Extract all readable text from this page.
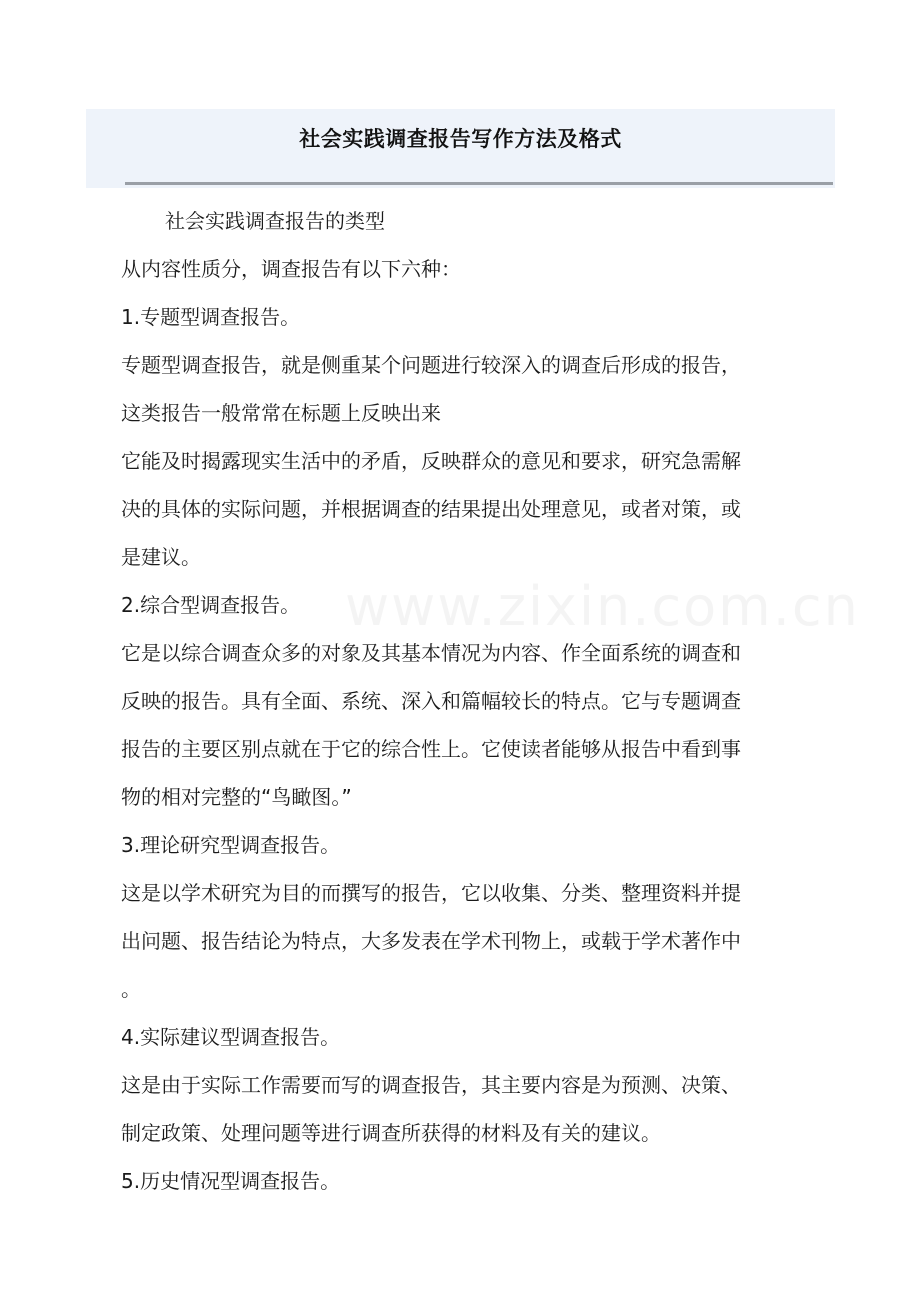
社会实践调查报告写作方法及格式
www.zixin.com.cn
社会实践调查报告的类型
从内容性质分，调查报告有以下六种：
1.专题型调查报告。
专题型调查报告，就是侧重某个问题进行较深入的调查后形成的报告，
这类报告一般常常在标题上反映出来
它能及时揭露现实生活中的矛盾，反映群众的意见和要求，研究急需解
决的具体的实际问题，并根据调查的结果提出处理意见，或者对策，或
是建议。
2.综合型调查报告。
它是以综合调查众多的对象及其基本情况为内容、作全面系统的调查和
反映的报告。具有全面、系统、深入和篇幅较长的特点。它与专题调查
报告的主要区别点就在于它的综合性上。它使读者能够从报告中看到事
物的相对完整的“鸟瞰图。”
3.理论研究型调查报告。
这是以学术研究为目的而撰写的报告，它以收集、分类、整理资料并提
出问题、报告结论为特点，大多发表在学术刊物上，或载于学术著作中
。
4.实际建议型调查报告。
这是由于实际工作需要而写的调查报告，其主要内容是为预测、决策、
制定政策、处理问题等进行调查所获得的材料及有关的建议。
5.历史情况型调查报告。
